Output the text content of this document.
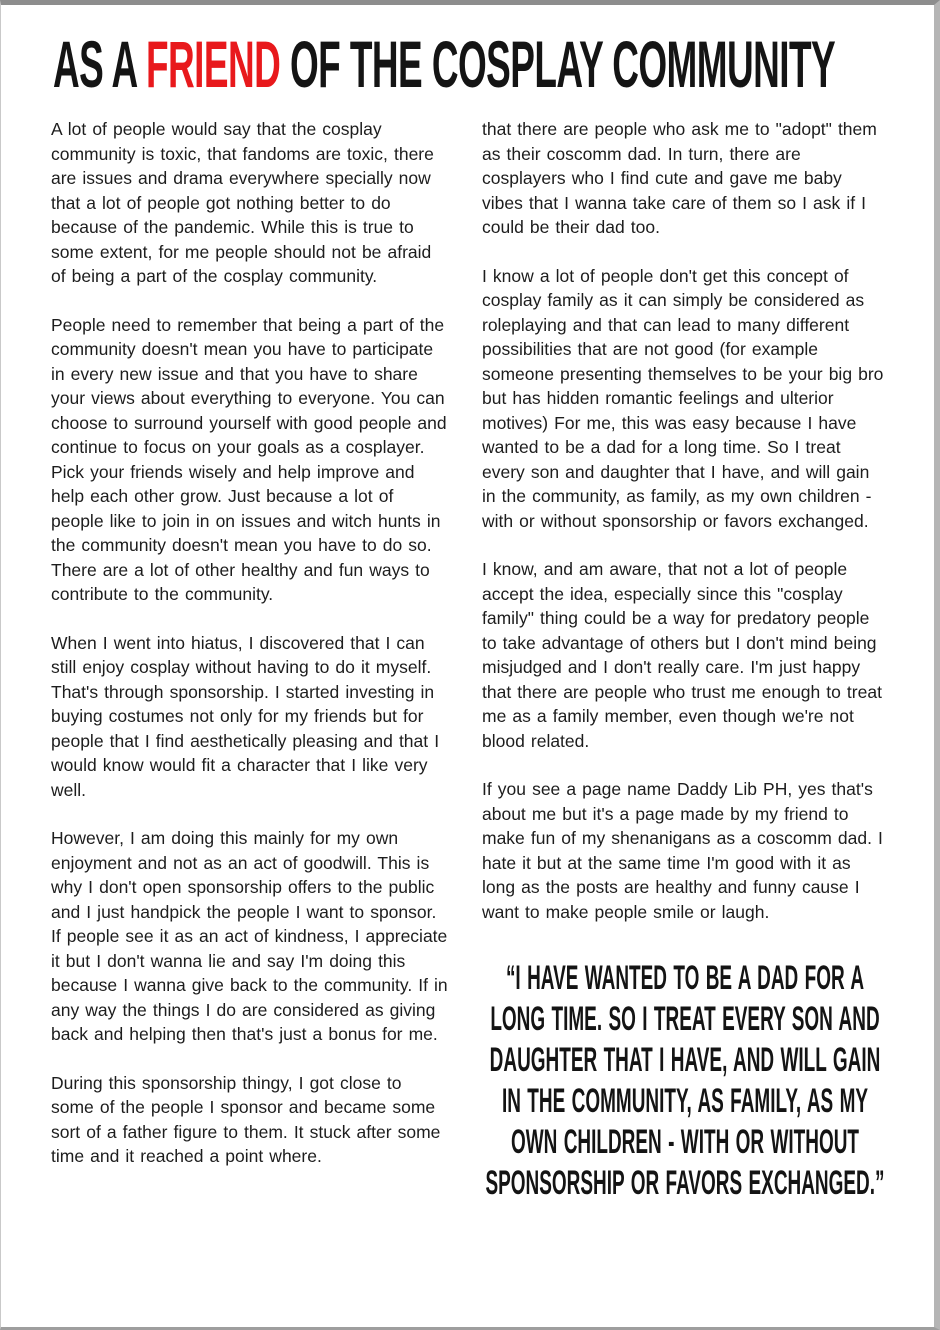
AS A FRIEND OF THE COSPLAY COMMUNITY

A lot of people would say that the cosplay community is toxic, that fandoms are toxic, there are issues and drama everywhere specially now that a lot of people got nothing better to do because of the pandemic. While this is true to some extent, for me people should not be afraid of being a part of the cosplay community.

People need to remember that being a part of the community doesn't mean you have to participate in every new issue and that you have to share your views about everything to everyone. You can choose to surround yourself with good people and continue to focus on your goals as a cosplayer. Pick your friends wisely and help improve and help each other grow. Just because a lot of people like to join in on issues and witch hunts in the community doesn't mean you have to do so. There are a lot of other healthy and fun ways to contribute to the community.

When I went into hiatus, I discovered that I can still enjoy cosplay without having to do it myself. That's through sponsorship. I started investing in buying costumes not only for my friends but for people that I find aesthetically pleasing and that I would know would fit a character that I like very well.

However, I am doing this mainly for my own enjoyment and not as an act of goodwill. This is why I don't open sponsorship offers to the public and I just handpick the people I want to sponsor. If people see it as an act of kindness, I appreciate it but I don't wanna lie and say I'm doing this because I wanna give back to the community. If in any way the things I do are considered as giving back and helping then that's just a bonus for me.

During this sponsorship thingy, I got close to some of the people I sponsor and became some sort of a father figure to them. It stuck after some time and it reached a point where.

that there are people who ask me to "adopt" them as their coscomm dad. In turn, there are cosplayers who I find cute and gave me baby vibes that I wanna take care of them so I ask if I could be their dad too.

I know a lot of people don't get this concept of cosplay family as it can simply be considered as roleplaying and that can lead to many different possibilities that are not good (for example someone presenting themselves to be your big bro but has hidden romantic feelings and ulterior motives) For me, this was easy because I have wanted to be a dad for a long time. So I treat every son and daughter that I have, and will gain in the community, as family, as my own children - with or without sponsorship or favors exchanged.

I know, and am aware, that not a lot of people accept the idea, especially since this "cosplay family" thing could be a way for predatory people to take advantage of others but I don't mind being misjudged and I don't really care. I'm just happy that there are people who trust me enough to treat me as a family member, even though we're not blood related.

If you see a page name Daddy Lib PH, yes that's about me but it's a page made by my friend to make fun of my shenanigans as a coscomm dad. I hate it but at the same time I'm good with it as long as the posts are healthy and funny cause I want to make people smile or laugh.

“I HAVE WANTED TO BE A DAD FOR A
LONG TIME. SO I TREAT EVERY SON AND
DAUGHTER THAT I HAVE, AND WILL GAIN
IN THE COMMUNITY, AS FAMILY, AS MY
OWN CHILDREN - WITH OR WITHOUT
SPONSORSHIP OR FAVORS EXCHANGED.”
